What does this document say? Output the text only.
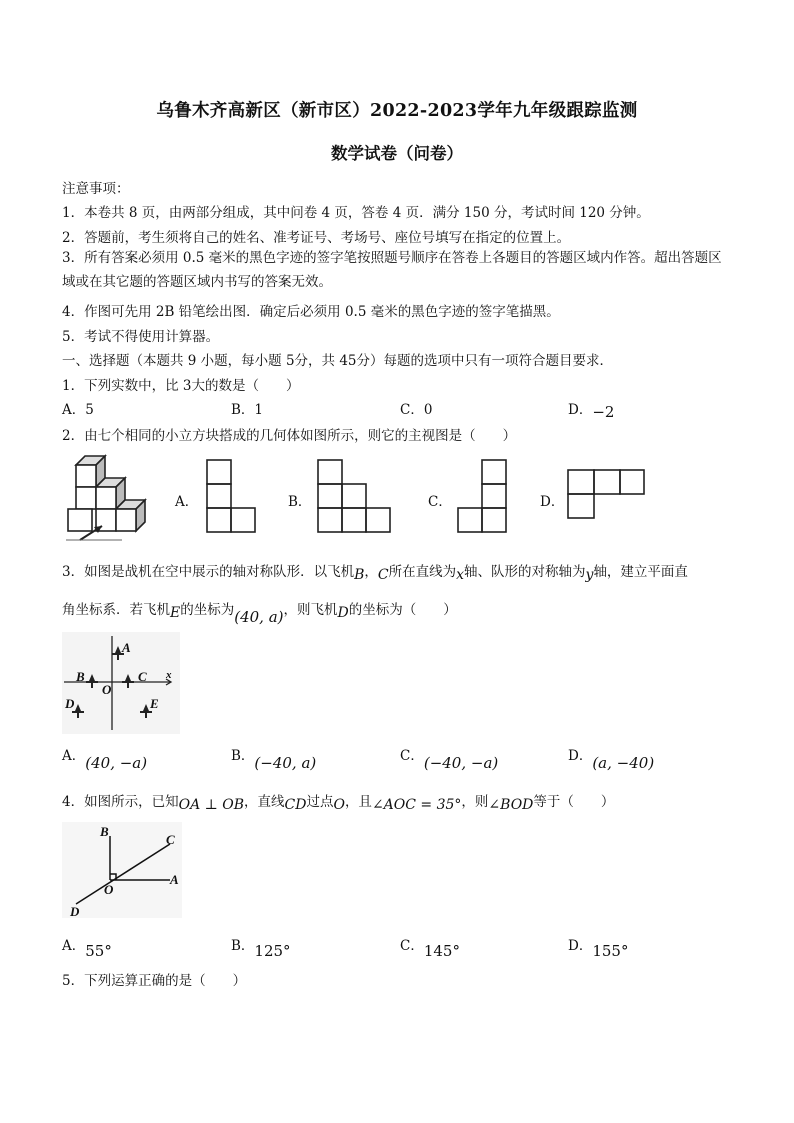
乌鲁木齐高新区（新市区）2022-2023学年九年级跟踪监测
数学试卷（问卷）
注意事项：
1．本卷共 8 页，由两部分组成，其中问卷 4 页，答卷 4 页．满分 150 分，考试时间 120 分钟。
2．答题前，考生须将自己的姓名、准考证号、考场号、座位号填写在指定的位置上。
3．所有答案必须用 0.5 毫米的黑色字迹的签字笔按照题号顺序在答卷上各题目的答题区域内作答。超出答题区域或在其它题的答题区域内书写的答案无效。
4．作图可先用 2B 铅笔绘出图．确定后必须用 0.5 毫米的黑色字迹的签字笔描黑。
5．考试不得使用计算器。
一、选择题（本题共 9 小题，每小题 5分，共 45分）每题的选项中只有一项符合题目要求．
1．下列实数中，比 3大的数是（　　）
A．5	B．1	C．0	D．−2
2．由七个相同的小立方块搭成的几何体如图所示，则它的主视图是（　　）
A．	B．	C．	D．
3．如图是战机在空中展示的轴对称队形．以飞机B，C所在直线为x轴、队形的对称轴为y轴，建立平面直
角坐标系．若飞机E的坐标为(40, a)，则飞机D的坐标为（　　）
A
B	C
D	E
O
x
A．(40, −a)	B．(−40, a)	C．(−40, −a)	D．(a, −40)
4．如图所示，已知OA ⊥ OB，直线CD过点O，且∠AOC = 35°，则∠BOD等于（　　）
B
C
A
O
D
A．55°	B．125°	C．145°	D．155°
5．下列运算正确的是（　　）
